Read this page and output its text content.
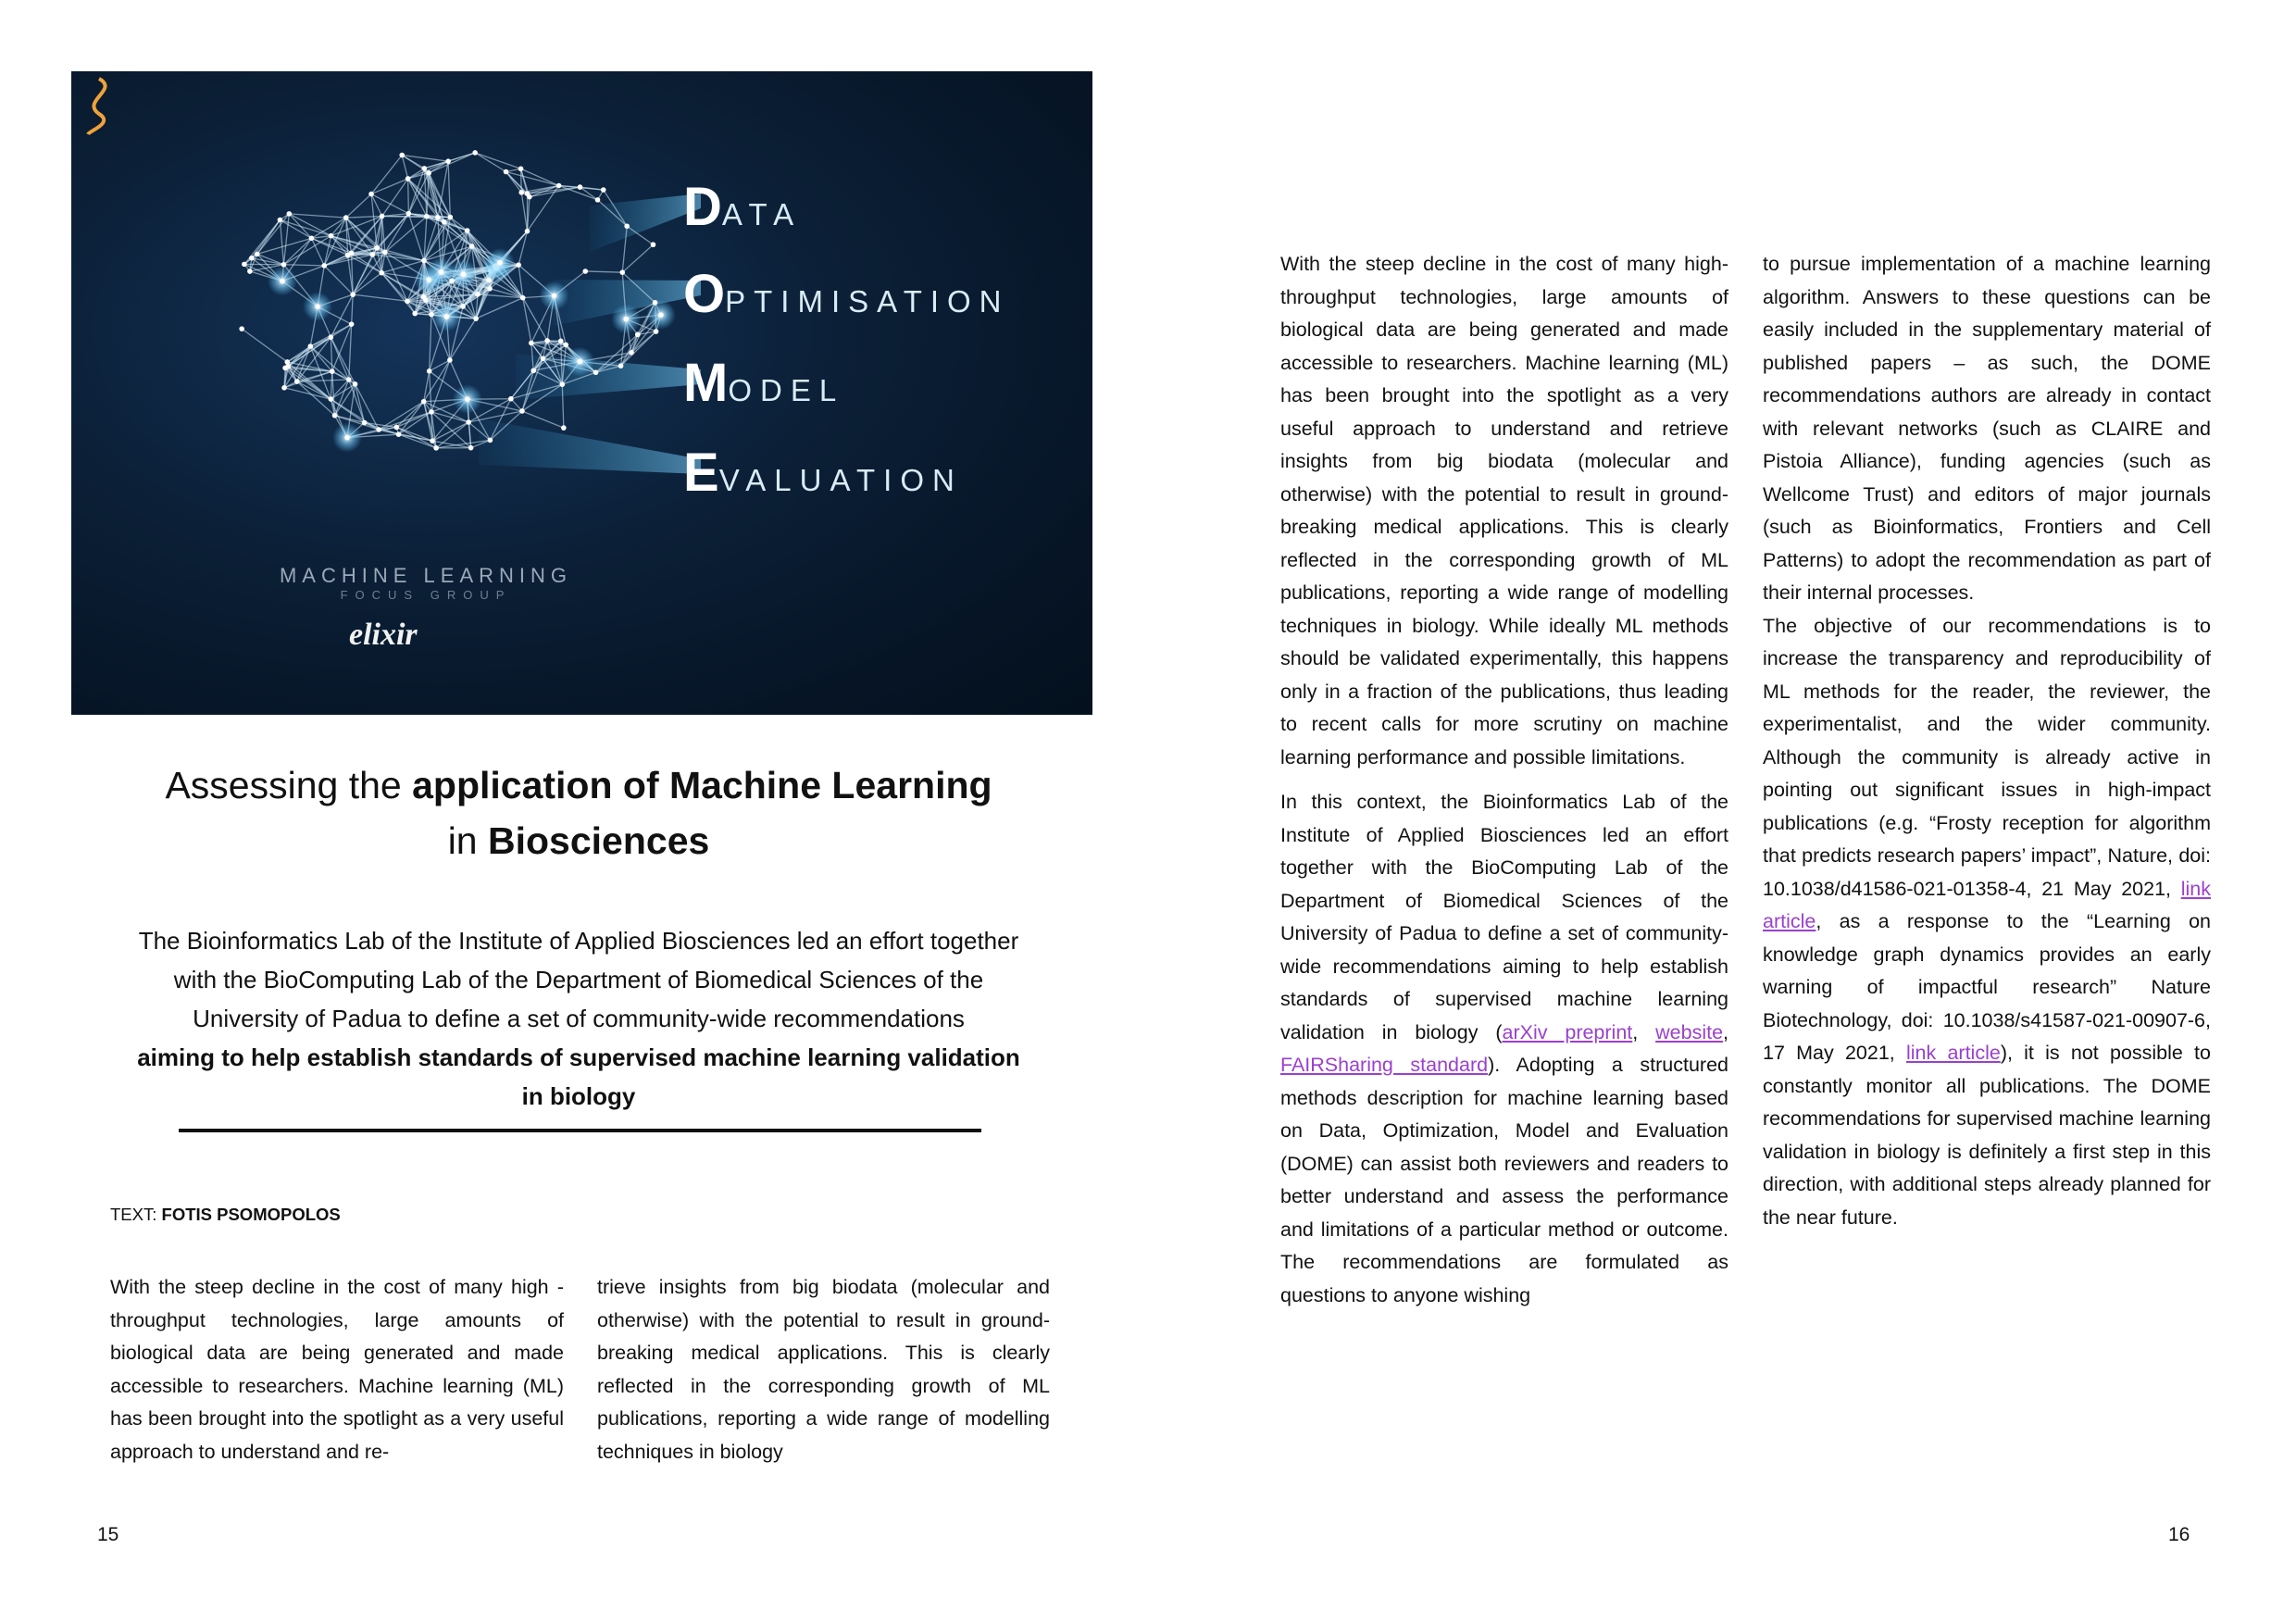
DATA
OPTIMISATION
MODEL
EVALUATION
MACHINE LEARNING
FOCUS GROUP
elixir
Assessing the application of Machine Learning
in Biosciences
The Bioinformatics Lab of the Institute of Applied Biosciences led an effort together with the BioComputing Lab of the Department of Biomedical Sciences of the University of Padua to define a set of community-wide recommendations
aiming to help establish standards of supervised machine learning validation in biology
TEXT: FOTIS PSOMOPOLOS

With the steep decline in the cost of many high -throughput technologies, large amounts of biological data are being generated and made accessible to researchers. Machine learning (ML) has been brought into the spotlight as a very useful approach to understand and re-

trieve insights from big biodata (molecular and otherwise) with the potential to result in ground-breaking medical applications. This is clearly reflected in the corresponding growth of ML publications, reporting a wide range of modelling techniques in biology

15

With the steep decline in the cost of many high-throughput technologies, large amounts of biological data are being generated and made accessible to researchers. Machine learning (ML) has been brought into the spotlight as a very useful approach to understand and retrieve insights from big biodata (molecular and otherwise) with the potential to result in ground-breaking medical applications. This is clearly reflected in the corresponding growth of ML publications, reporting a wide range of modelling techniques in biology. While ideally ML methods should be validated experimentally, this happens only in a fraction of the publications, thus leading to recent calls for more scrutiny on machine learning performance and possible limitations.

In this context, the Bioinformatics Lab of the Institute of Applied Biosciences led an effort together with the BioComputing Lab of the Department of Biomedical Sciences of the University of Padua to define a set of community-wide recommendations aiming to help establish standards of supervised machine learning validation in biology (arXiv preprint, website, FAIRSharing standard). Adopting a structured methods description for machine learning based on Data, Optimization, Model and Evaluation (DOME) can assist both reviewers and readers to better understand and assess the performance and limitations of a particular method or outcome. The recommendations are formulated as questions to anyone wishing

to pursue implementation of a machine learning algorithm. Answers to these questions can be easily included in the supplementary material of published papers – as such, the DOME recommendations authors are already in contact with relevant networks (such as CLAIRE and Pistoia Alliance), funding agencies (such as Wellcome Trust) and editors of major journals (such as Bioinformatics, Frontiers and Cell Patterns) to adopt the recommendation as part of their internal processes.

The objective of our recommendations is to increase the transparency and reproducibility of ML methods for the reader, the reviewer, the experimentalist, and the wider community. Although the community is already active in pointing out significant issues in high-impact publications (e.g. “Frosty reception for algorithm that predicts research papers’ impact”, Nature, doi: 10.1038/d41586-021-01358-4, 21 May 2021, link article, as a response to the “Learning on knowledge graph dynamics provides an early warning of impactful research” Nature Biotechnology, doi: 10.1038/s41587-021-00907-6, 17 May 2021, link article), it is not possible to constantly monitor all publications. The DOME recommendations for supervised machine learning validation in biology is definitely a first step in this direction, with additional steps already planned for the near future.

16
